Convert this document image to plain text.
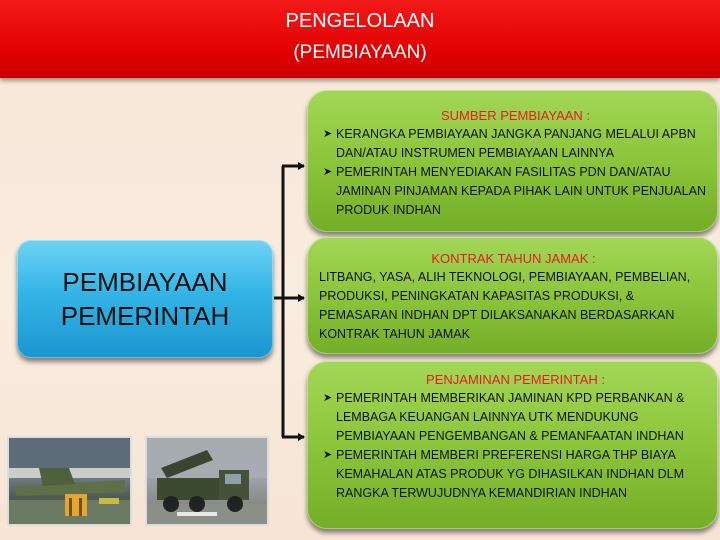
PENGELOLAAN
(PEMBIAYAAN)
PEMBIAYAAN
PEMERINTAH
SUMBER PEMBIAYAAN :
➤ KERANGKA PEMBIAYAAN JANGKA PANJANG MELALUI APBN DAN/ATAU INSTRUMEN PEMBIAYAAN LAINNYA
➤ PEMERINTAH MENYEDIAKAN FASILITAS PDN DAN/ATAU JAMINAN PINJAMAN KEPADA PIHAK LAIN UNTUK PENJUALAN PRODUK INDHAN
KONTRAK TAHUN JAMAK :
LITBANG, YASA, ALIH TEKNOLOGI, PEMBIAYAAN, PEMBELIAN, PRODUKSI, PENINGKATAN KAPASITAS PRODUKSI, & PEMASARAN INDHAN DPT DILAKSANAKAN BERDASARKAN KONTRAK TAHUN JAMAK
PENJAMINAN PEMERINTAH :
➤ PEMERINTAH MEMBERIKAN JAMINAN KPD PERBANKAN & LEMBAGA KEUANGAN LAINNYA UTK MENDUKUNG PEMBIAYAAN PENGEMBANGAN & PEMANFAATAN INDHAN
➤ PEMERINTAH MEMBERI PREFERENSI HARGA THP BIAYA KEMAHALAN ATAS PRODUK YG DIHASILKAN INDHAN DLM RANGKA TERWUJUDNYA KEMANDIRIAN INDHAN
